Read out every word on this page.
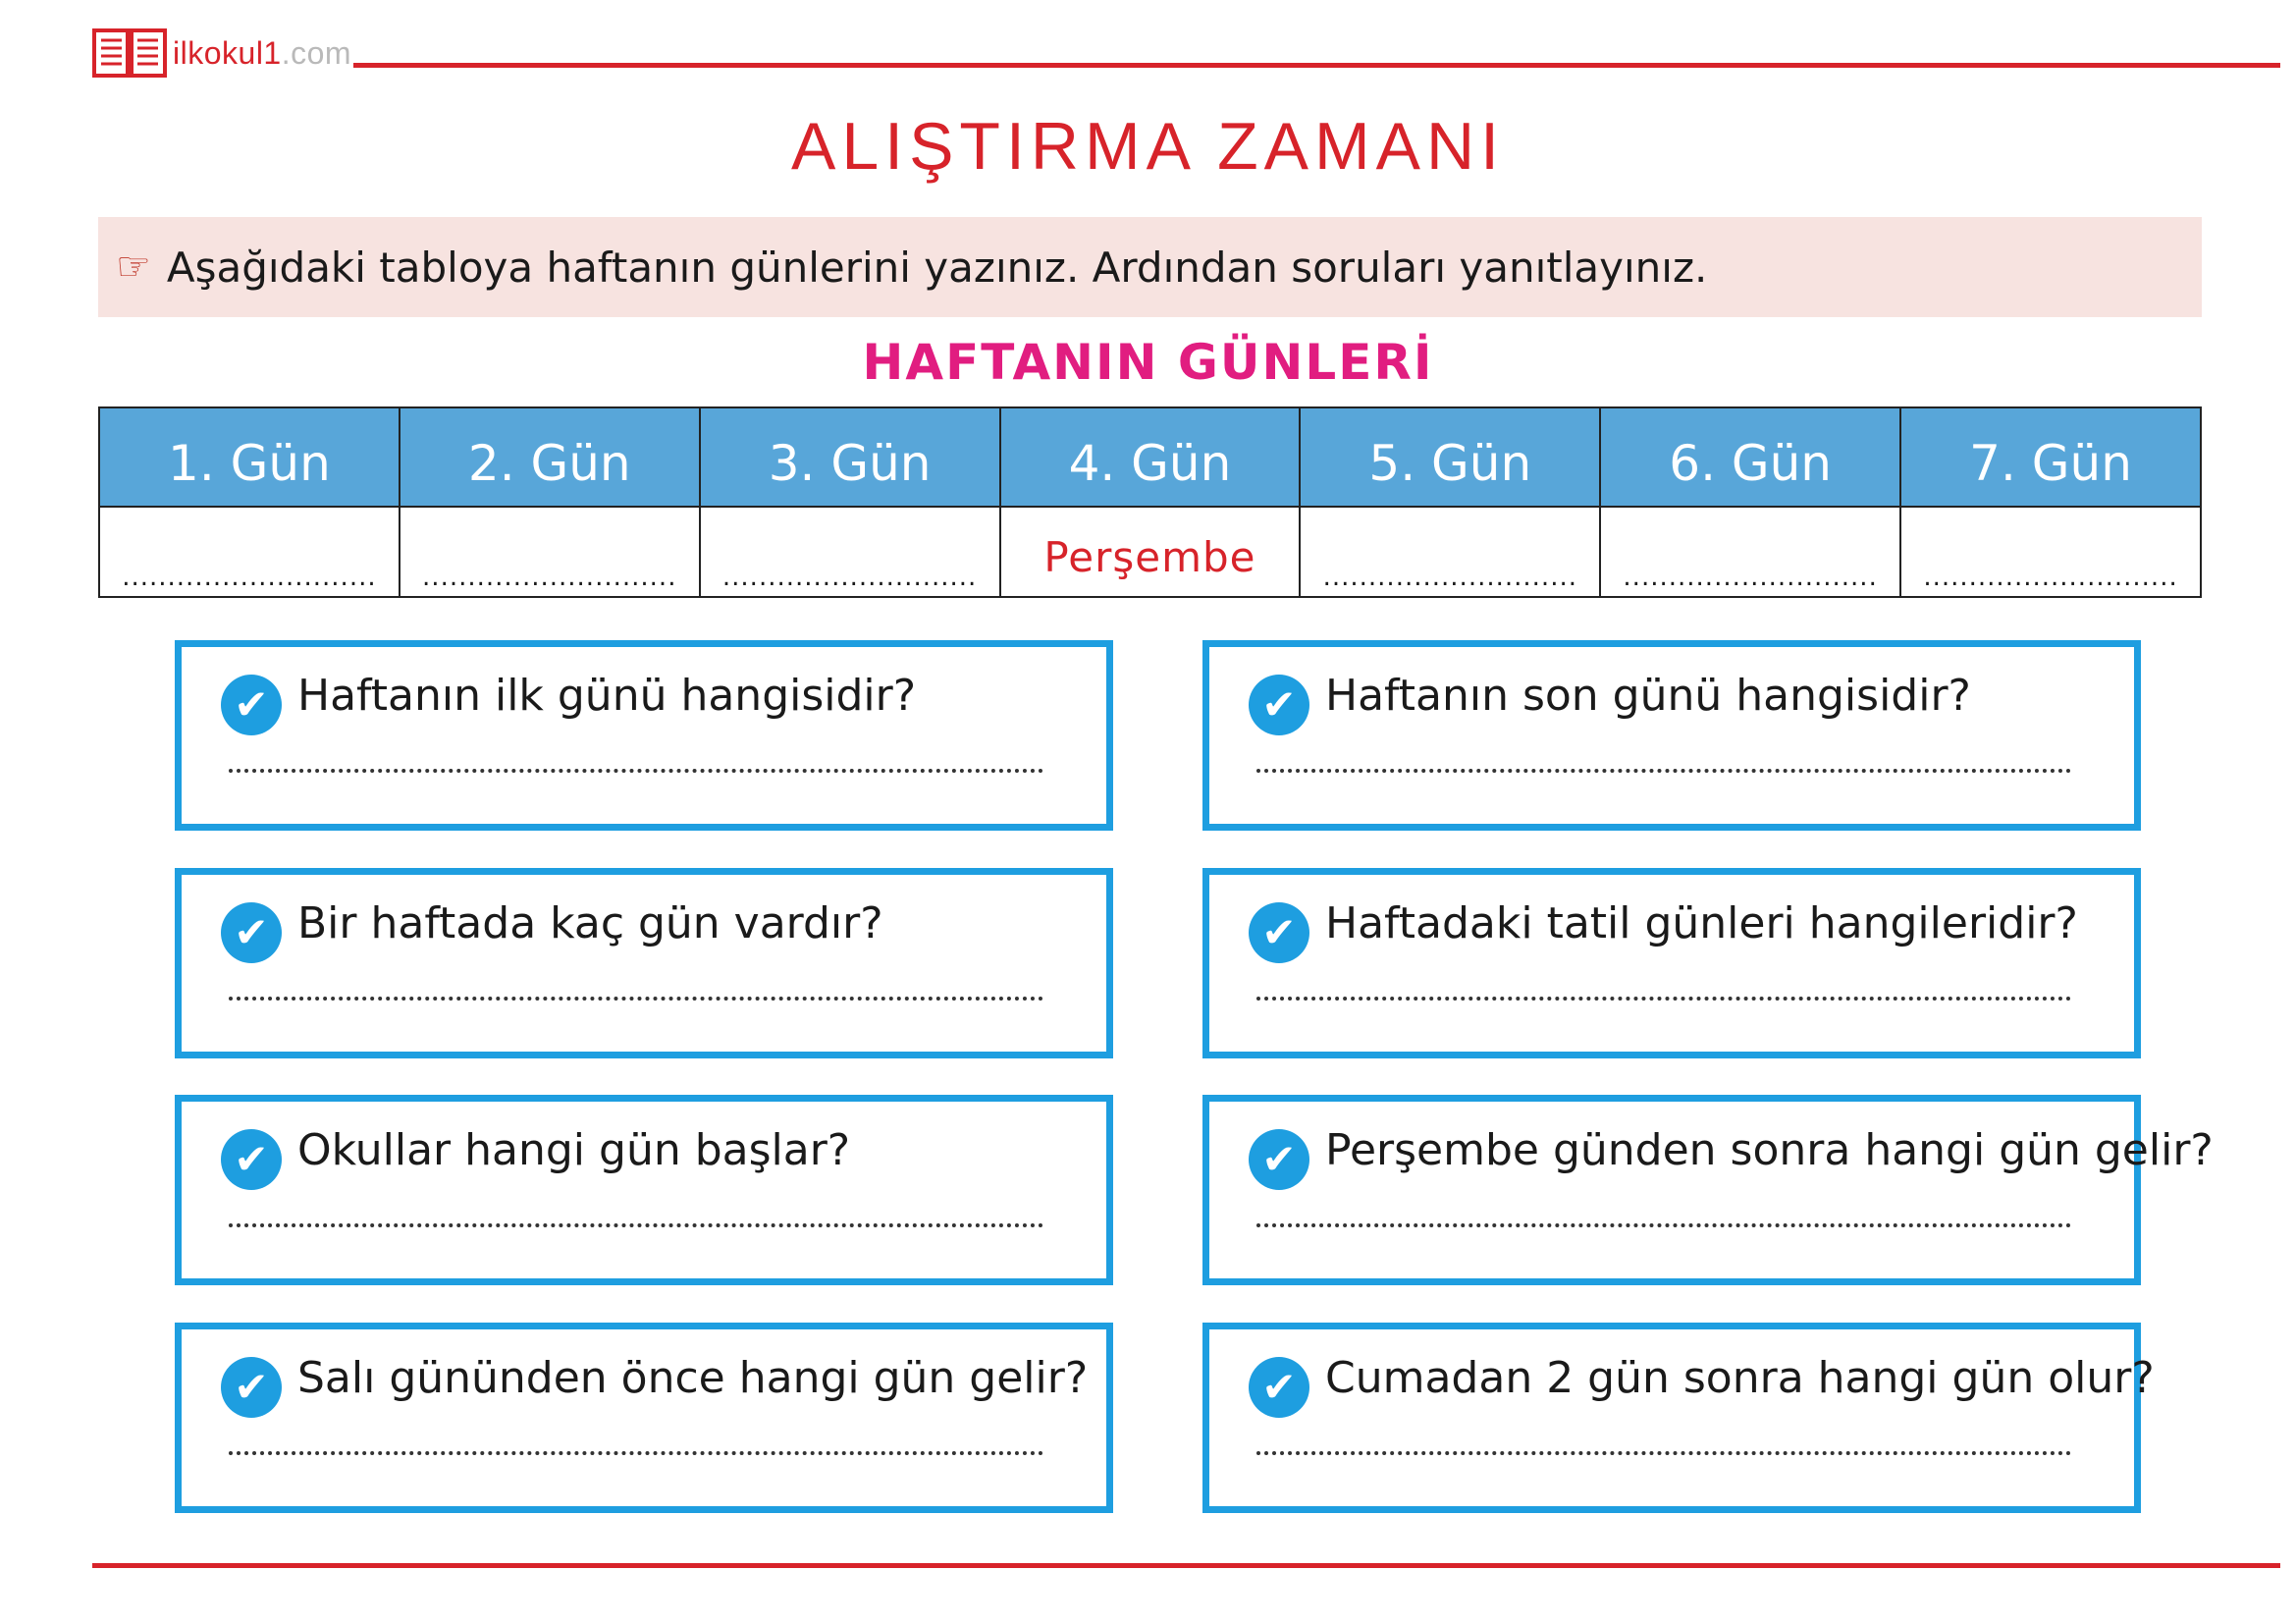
ilkokul1.com
ALIŞTIRMA ZAMANI
☞ Aşağıdaki tabloya haftanın günlerini yazınız. Ardından soruları yanıtlayınız.
HAFTANIN GÜNLERİ
1. Gün	2. Gün	3. Gün	4. Gün	5. Gün	6. Gün	7. Gün
............................	............................	............................	Perşembe	............................	............................	............................
✔ Haftanın ilk günü hangisidir?	✔ Haftanın son günü hangisidir?
✔ Bir haftada kaç gün vardır?	✔ Haftadaki tatil günleri hangileridir?
✔ Okullar hangi gün başlar?	✔ Perşembe günden sonra hangi gün gelir?
✔ Salı gününden önce hangi gün gelir?	✔ Cumadan 2 gün sonra hangi gün olur?
